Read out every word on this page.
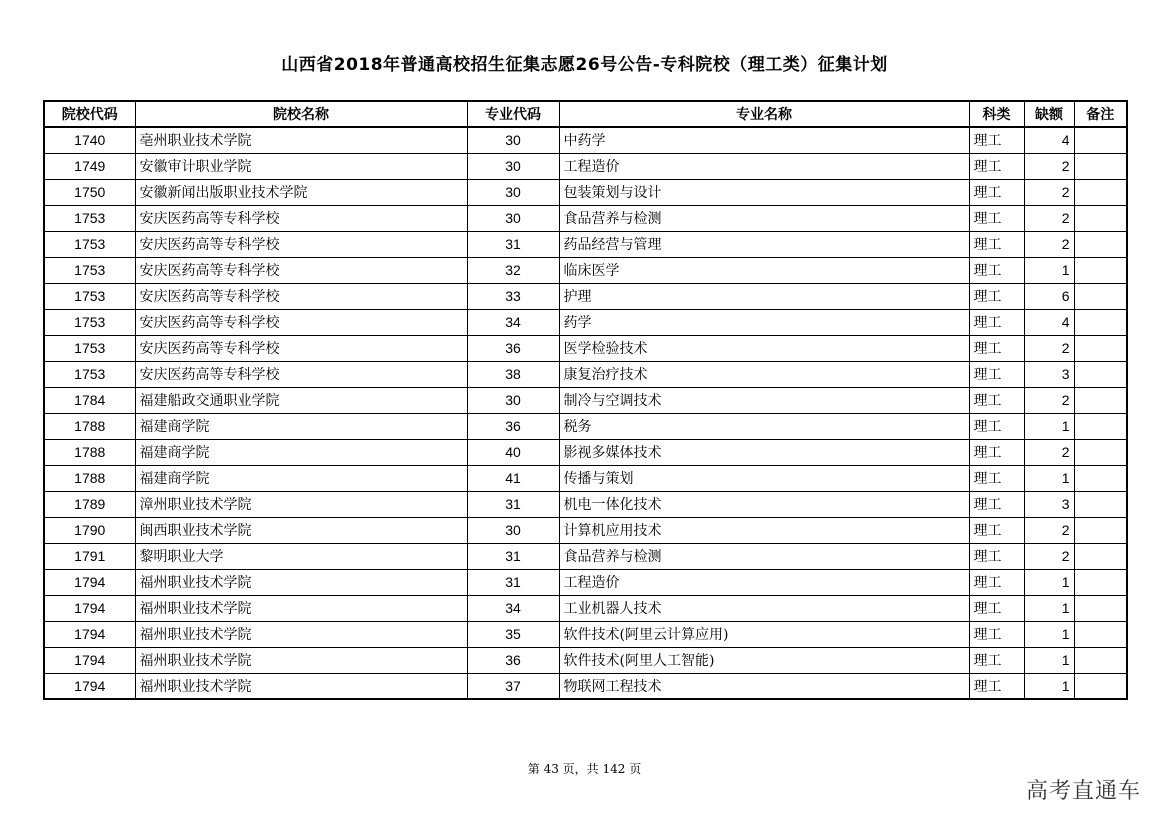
山西省2018年普通高校招生征集志愿26号公告-专科院校（理工类）征集计划
院校代码	院校名称	专业代码	专业名称	科类	缺额	备注
1740	亳州职业技术学院	30	中药学	理工	4	
1749	安徽审计职业学院	30	工程造价	理工	2	
1750	安徽新闻出版职业技术学院	30	包装策划与设计	理工	2	
1753	安庆医药高等专科学校	30	食品营养与检测	理工	2	
1753	安庆医药高等专科学校	31	药品经营与管理	理工	2	
1753	安庆医药高等专科学校	32	临床医学	理工	1	
1753	安庆医药高等专科学校	33	护理	理工	6	
1753	安庆医药高等专科学校	34	药学	理工	4	
1753	安庆医药高等专科学校	36	医学检验技术	理工	2	
1753	安庆医药高等专科学校	38	康复治疗技术	理工	3	
1784	福建船政交通职业学院	30	制冷与空调技术	理工	2	
1788	福建商学院	36	税务	理工	1	
1788	福建商学院	40	影视多媒体技术	理工	2	
1788	福建商学院	41	传播与策划	理工	1	
1789	漳州职业技术学院	31	机电一体化技术	理工	3	
1790	闽西职业技术学院	30	计算机应用技术	理工	2	
1791	黎明职业大学	31	食品营养与检测	理工	2	
1794	福州职业技术学院	31	工程造价	理工	1	
1794	福州职业技术学院	34	工业机器人技术	理工	1	
1794	福州职业技术学院	35	软件技术(阿里云计算应用)	理工	1	
1794	福州职业技术学院	36	软件技术(阿里人工智能)	理工	1	
1794	福州职业技术学院	37	物联网工程技术	理工	1	
第 43 页，共 142 页
高考直通车
